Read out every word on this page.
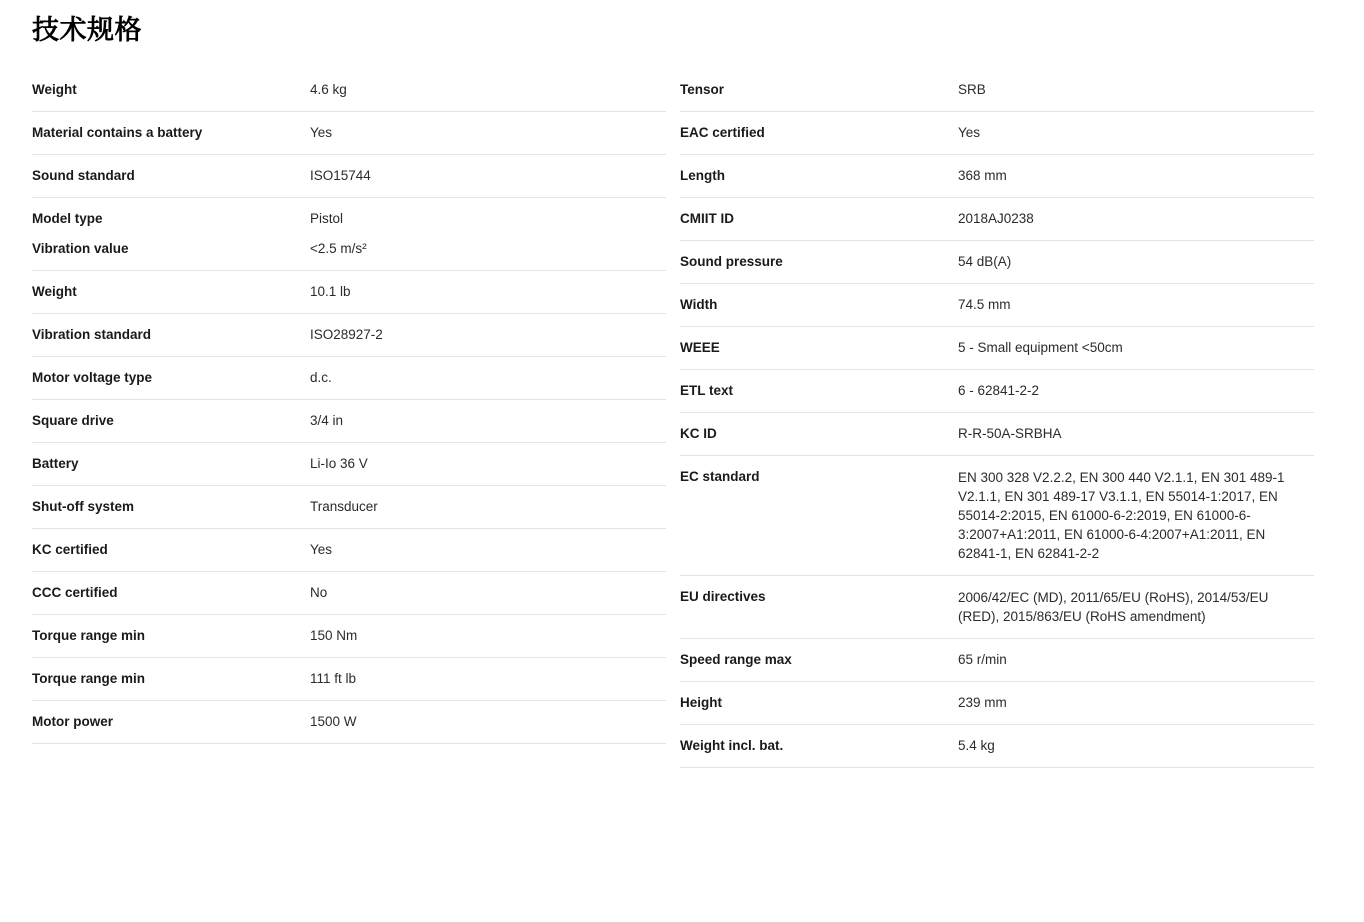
技术规格
Weight	4.6 kg
Material contains a battery	Yes
Sound standard	ISO15744
Model type	Pistol
Vibration value	<2.5 m/s²
Weight	10.1 lb
Vibration standard	ISO28927-2
Motor voltage type	d.c.
Square drive	3/4 in
Battery	Li-Io 36 V
Shut-off system	Transducer
KC certified	Yes
CCC certified	No
Torque range min	150 Nm
Torque range min	111 ft lb
Motor power	1500 W
Tensor	SRB
EAC certified	Yes
Length	368 mm
CMIIT ID	2018AJ0238
Sound pressure	54 dB(A)
Width	74.5 mm
WEEE	5 - Small equipment <50cm
ETL text	6 - 62841-2-2
KC ID	R-R-50A-SRBHA
EC standard	EN 300 328 V2.2.2, EN 300 440 V2.1.1, EN 301 489-1 V2.1.1, EN 301 489-17 V3.1.1, EN 55014-1:2017, EN 55014-2:2015, EN 61000-6-2:2019, EN 61000-6-3:2007+A1:2011, EN 61000-6-4:2007+A1:2011, EN 62841-1, EN 62841-2-2
EU directives	2006/42/EC (MD), 2011/65/EU (RoHS), 2014/53/EU (RED), 2015/863/EU (RoHS amendment)
Speed range max	65 r/min
Height	239 mm
Weight incl. bat.	5.4 kg
